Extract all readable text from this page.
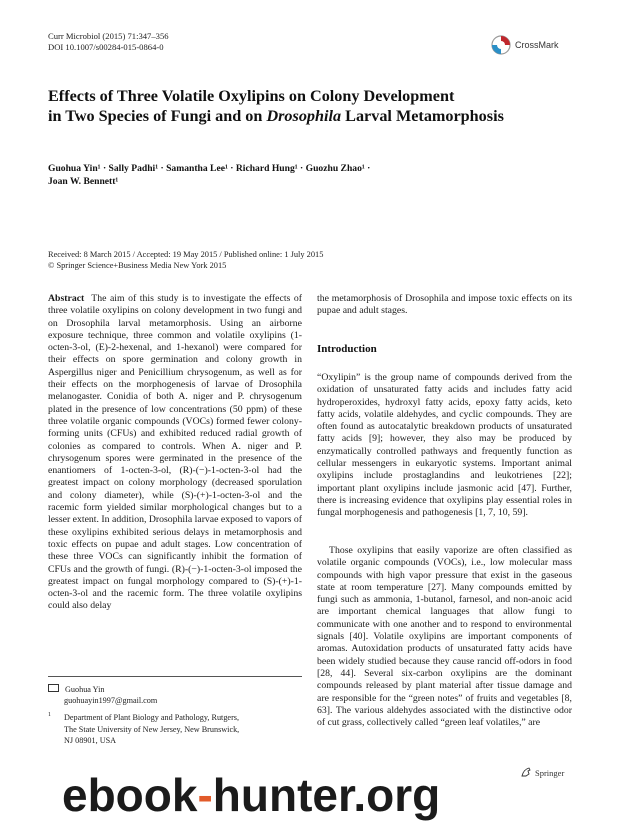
Curr Microbiol (2015) 71:347–356
DOI 10.1007/s00284-015-0864-0	CrossMark
Effects of Three Volatile Oxylipins on Colony Development
in Two Species of Fungi and on Drosophila Larval Metamorphosis
Guohua Yin¹ · Sally Padhi¹ · Samantha Lee¹ · Richard Hung¹ · Guozhu Zhao¹ ·
Joan W. Bennett¹
Received: 8 March 2015 / Accepted: 19 May 2015 / Published online: 1 July 2015
© Springer Science+Business Media New York 2015
Abstract The aim of this study is to investigate the effects of three volatile oxylipins on colony development in two fungi and on Drosophila larval metamorphosis. Using an airborne exposure technique, three common and volatile oxylipins (1-octen-3-ol, (E)-2-hexenal, and 1-hexanol) were compared for their effects on spore germination and colony growth in Aspergillus niger and Penicillium chrysogenum, as well as for their effects on the morphogenesis of larvae of Drosophila melanogaster. Conidia of both A. niger and P. chrysogenum plated in the presence of low concentrations (50 ppm) of these three volatile organic compounds (VOCs) formed fewer colony-forming units (CFUs) and exhibited reduced radial growth of colonies as compared to controls. When A. niger and P. chrysogenum spores were germinated in the presence of the enantiomers of 1-octen-3-ol, (R)-(−)-1-octen-3-ol had the greatest impact on colony morphology (decreased sporulation and colony diameter), while (S)-(+)-1-octen-3-ol and the racemic form yielded similar morphological changes but to a lesser extent. In addition, Drosophila larvae exposed to vapors of these oxylipins exhibited serious delays in metamorphosis and toxic effects on pupae and adult stages. Low concentration of these three VOCs can significantly inhibit the formation of CFUs and the growth of fungi. (R)-(−)-1-octen-3-ol imposed the greatest impact on fungal morphology compared to (S)-(+)-1-octen-3-ol and the racemic form. The three volatile oxylipins could also delay
the metamorphosis of Drosophila and impose toxic effects on its pupae and adult stages.
Introduction
“Oxylipin” is the group name of compounds derived from the oxidation of unsaturated fatty acids and includes fatty acid hydroperoxides, hydroxyl fatty acids, epoxy fatty acids, keto fatty acids, volatile aldehydes, and cyclic compounds. They are often found as autocatalytic breakdown products of unsaturated fatty acids [9]; however, they also may be produced by enzymatically controlled pathways and frequently function as cellular messengers in eukaryotic systems. Important animal oxylipins include prostaglandins and leukotrienes [22]; important plant oxylipins include jasmonic acid [47]. Further, there is increasing evidence that oxylipins play essential roles in fungal morphogenesis and pathogenesis [1, 7, 10, 59].
Those oxylipins that easily vaporize are often classified as volatile organic compounds (VOCs), i.e., low molecular mass compounds with high vapor pressure that exist in the gaseous state at room temperature [27]. Many compounds emitted by fungi such as ammonia, 1-butanol, farnesol, and non-anoic acid are important chemical languages that allow fungi to communicate with one another and to respond to environmental signals [40]. Volatile oxylipins are important components of aromas. Autoxidation products of unsaturated fatty acids have been widely studied because they cause rancid off-odors in food [28, 44]. Several six-carbon oxylipins are the dominant compounds released by plant material after tissue damage and are responsible for the “green notes” of fruits and vegetables [8, 63]. The various aldehydes associated with the distinctive odor of cut grass, collectively called “green leaf volatiles,” are
Guohua Yin
guohuayin1997@gmail.com
1 Department of Plant Biology and Pathology, Rutgers,
The State University of New Jersey, New Brunswick,
NJ 08901, USA
Springer
ebook-hunter.org
